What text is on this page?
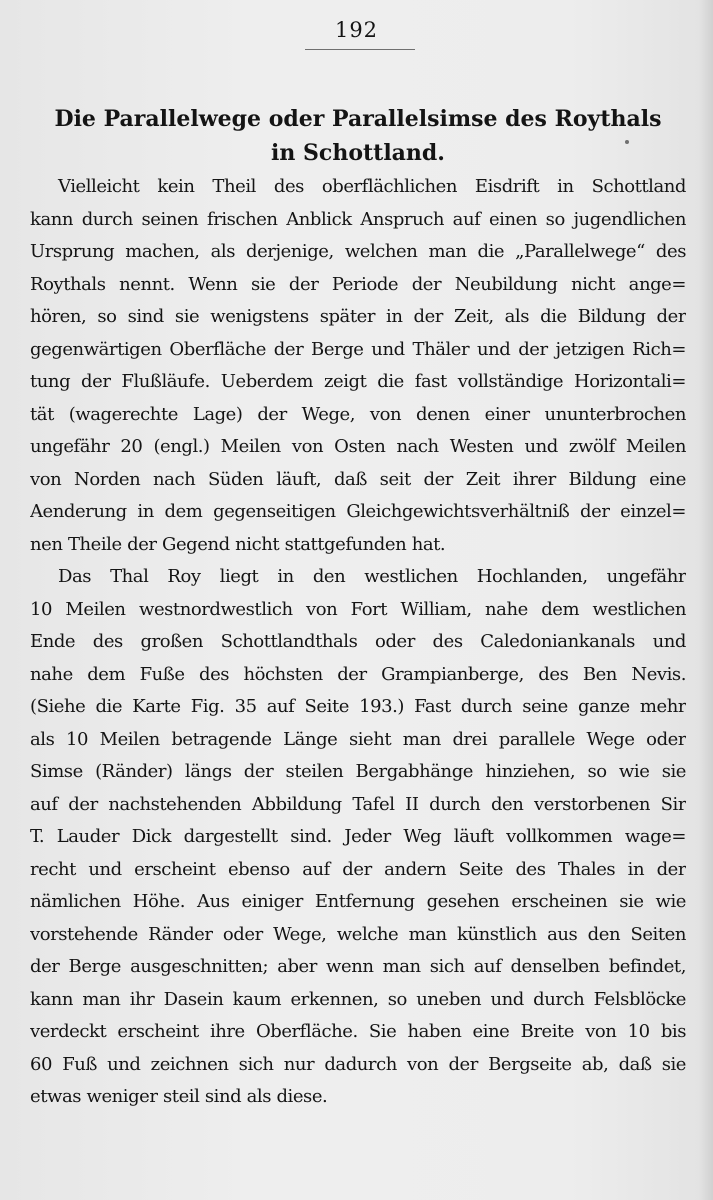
192
Die Parallelwege oder Parallelsimse des Roythals
in Schottland.
Vielleicht kein Theil des oberflächlichen Eisdrift in Schottland
kann durch seinen frischen Anblick Anspruch auf einen so jugendlichen
Ursprung machen, als derjenige, welchen man die „Parallelwege“ des
Roythals nennt. Wenn sie der Periode der Neubildung nicht ange=
hören, so sind sie wenigstens später in der Zeit, als die Bildung der
gegenwärtigen Oberfläche der Berge und Thäler und der jetzigen Rich=
tung der Flußläufe. Ueberdem zeigt die fast vollständige Horizontali=
tät (wagerechte Lage) der Wege, von denen einer ununterbrochen
ungefähr 20 (engl.) Meilen von Osten nach Westen und zwölf Meilen
von Norden nach Süden läuft, daß seit der Zeit ihrer Bildung eine
Aenderung in dem gegenseitigen Gleichgewichtsverhältniß der einzel=
nen Theile der Gegend nicht stattgefunden hat.
Das Thal Roy liegt in den westlichen Hochlanden, ungefähr
10 Meilen westnordwestlich von Fort William, nahe dem westlichen
Ende des großen Schottlandthals oder des Caledoniankanals und
nahe dem Fuße des höchsten der Grampianberge, des Ben Nevis.
(Siehe die Karte Fig. 35 auf Seite 193.) Fast durch seine ganze mehr
als 10 Meilen betragende Länge sieht man drei parallele Wege oder
Simse (Ränder) längs der steilen Bergabhänge hinziehen, so wie sie
auf der nachstehenden Abbildung Tafel II durch den verstorbenen Sir
T. Lauder Dick dargestellt sind. Jeder Weg läuft vollkommen wage=
recht und erscheint ebenso auf der andern Seite des Thales in der
nämlichen Höhe. Aus einiger Entfernung gesehen erscheinen sie wie
vorstehende Ränder oder Wege, welche man künstlich aus den Seiten
der Berge ausgeschnitten; aber wenn man sich auf denselben befindet,
kann man ihr Dasein kaum erkennen, so uneben und durch Felsblöcke
verdeckt erscheint ihre Oberfläche. Sie haben eine Breite von 10 bis
60 Fuß und zeichnen sich nur dadurch von der Bergseite ab, daß sie
etwas weniger steil sind als diese.
